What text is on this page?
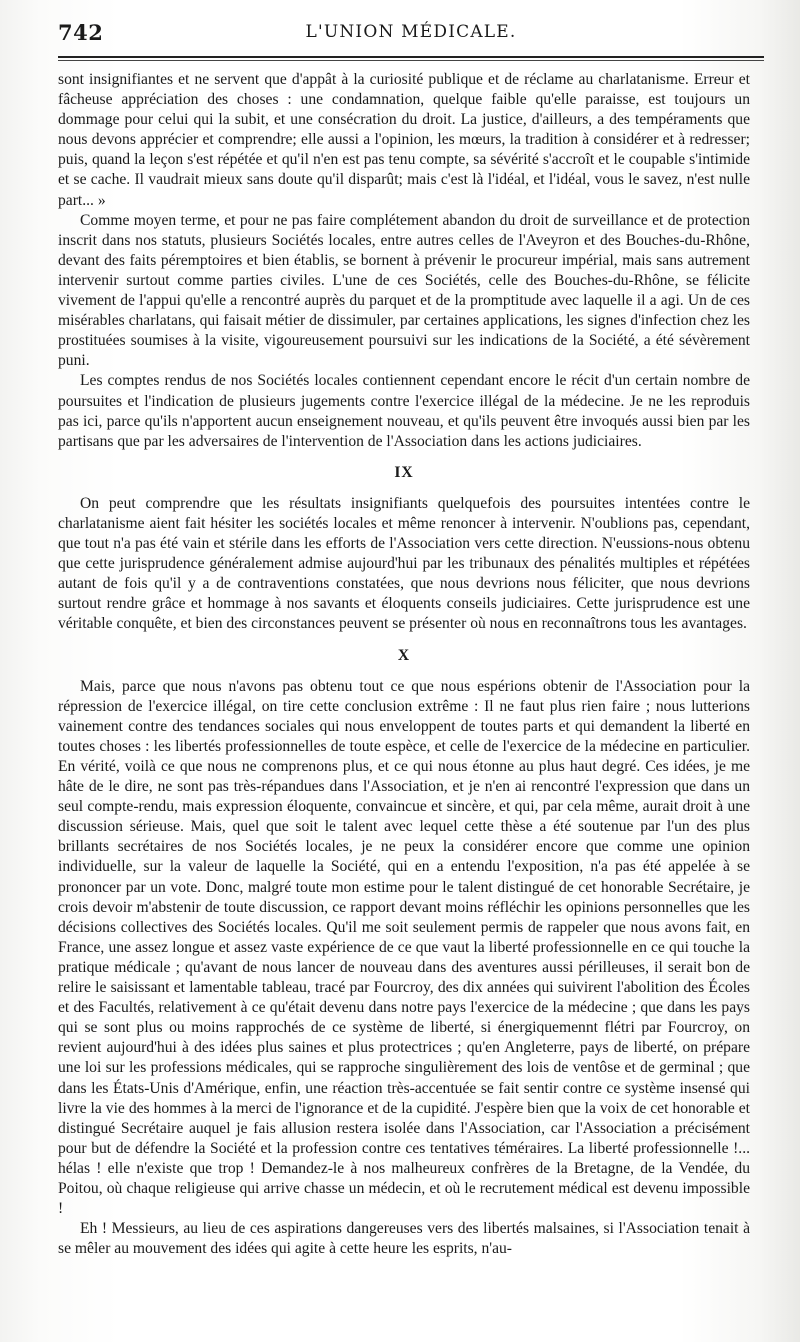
742	L'UNION MÉDICALE.

sont insignifiantes et ne servent que d'appât à la curiosité publique et de réclame au charlatanisme. Erreur et fâcheuse appréciation des choses : une condamnation, quelque faible qu'elle paraisse, est toujours un dommage pour celui qui la subit, et une consécration du droit. La justice, d'ailleurs, a des tempéraments que nous devons apprécier et comprendre; elle aussi a l'opinion, les mœurs, la tradition à considérer et à redresser; puis, quand la leçon s'est répétée et qu'il n'en est pas tenu compte, sa sévérité s'accroît et le coupable s'intimide et se cache. Il vaudrait mieux sans doute qu'il disparût; mais c'est là l'idéal, et l'idéal, vous le savez, n'est nulle part... »

Comme moyen terme, et pour ne pas faire complétement abandon du droit de surveillance et de protection inscrit dans nos statuts, plusieurs Sociétés locales, entre autres celles de l'Aveyron et des Bouches-du-Rhône, devant des faits péremptoires et bien établis, se bornent à prévenir le procureur impérial, mais sans autrement intervenir surtout comme parties civiles. L'une de ces Sociétés, celle des Bouches-du-Rhône, se félicite vivement de l'appui qu'elle a rencontré auprès du parquet et de la promptitude avec laquelle il a agi. Un de ces misérables charlatans, qui faisait métier de dissimuler, par certaines applications, les signes d'infection chez les prostituées soumises à la visite, vigoureusement poursuivi sur les indications de la Société, a été sévèrement puni.

Les comptes rendus de nos Sociétés locales contiennent cependant encore le récit d'un certain nombre de poursuites et l'indication de plusieurs jugements contre l'exercice illégal de la médecine. Je ne les reproduis pas ici, parce qu'ils n'apportent aucun enseignement nouveau, et qu'ils peuvent être invoqués aussi bien par les partisans que par les adversaires de l'intervention de l'Association dans les actions judiciaires.

IX

On peut comprendre que les résultats insignifiants quelquefois des poursuites intentées contre le charlatanisme aient fait hésiter les sociétés locales et même renoncer à intervenir. N'oublions pas, cependant, que tout n'a pas été vain et stérile dans les efforts de l'Association vers cette direction. N'eussions-nous obtenu que cette jurisprudence généralement admise aujourd'hui par les tribunaux des pénalités multiples et répétées autant de fois qu'il y a de contraventions constatées, que nous devrions nous féliciter, que nous devrions surtout rendre grâce et hommage à nos savants et éloquents conseils judiciaires. Cette jurisprudence est une véritable conquête, et bien des circonstances peuvent se présenter où nous en reconnaîtrons tous les avantages.

X

Mais, parce que nous n'avons pas obtenu tout ce que nous espérions obtenir de l'Association pour la répression de l'exercice illégal, on tire cette conclusion extrême : Il ne faut plus rien faire ; nous lutterions vainement contre des tendances sociales qui nous enveloppent de toutes parts et qui demandent la liberté en toutes choses : les libertés professionnelles de toute espèce, et celle de l'exercice de la médecine en particulier. En vérité, voilà ce que nous ne comprenons plus, et ce qui nous étonne au plus haut degré. Ces idées, je me hâte de le dire, ne sont pas très-répandues dans l'Association, et je n'en ai rencontré l'expression que dans un seul compte-rendu, mais expression éloquente, convaincue et sincère, et qui, par cela même, aurait droit à une discussion sérieuse. Mais, quel que soit le talent avec lequel cette thèse a été soutenue par l'un des plus brillants secrétaires de nos Sociétés locales, je ne peux la considérer encore que comme une opinion individuelle, sur la valeur de laquelle la Société, qui en a entendu l'exposition, n'a pas été appelée à se prononcer par un vote. Donc, malgré toute mon estime pour le talent distingué de cet honorable Secrétaire, je crois devoir m'abstenir de toute discussion, ce rapport devant moins réfléchir les opinions personnelles que les décisions collectives des Sociétés locales. Qu'il me soit seulement permis de rappeler que nous avons fait, en France, une assez longue et assez vaste expérience de ce que vaut la liberté professionnelle en ce qui touche la pratique médicale ; qu'avant de nous lancer de nouveau dans des aventures aussi périlleuses, il serait bon de relire le saisissant et lamentable tableau, tracé par Fourcroy, des dix années qui suivirent l'abolition des Écoles et des Facultés, relativement à ce qu'était devenu dans notre pays l'exercice de la médecine ; que dans les pays qui se sont plus ou moins rapprochés de ce système de liberté, si énergiquemennt flétri par Fourcroy, on revient aujourd'hui à des idées plus saines et plus protectrices ; qu'en Angleterre, pays de liberté, on prépare une loi sur les professions médicales, qui se rapproche singulièrement des lois de ventôse et de germinal ; que dans les États-Unis d'Amérique, enfin, une réaction très-accentuée se fait sentir contre ce système insensé qui livre la vie des hommes à la merci de l'ignorance et de la cupidité. J'espère bien que la voix de cet honorable et distingué Secrétaire auquel je fais allusion restera isolée dans l'Association, car l'Association a précisément pour but de défendre la Société et la profession contre ces tentatives téméraires. La liberté professionnelle !... hélas ! elle n'existe que trop ! Demandez-le à nos malheureux confrères de la Bretagne, de la Vendée, du Poitou, où chaque religieuse qui arrive chasse un médecin, et où le recrutement médical est devenu impossible !

Eh ! Messieurs, au lieu de ces aspirations dangereuses vers des libertés malsaines, si l'Association tenait à se mêler au mouvement des idées qui agite à cette heure les esprits, n'au-
